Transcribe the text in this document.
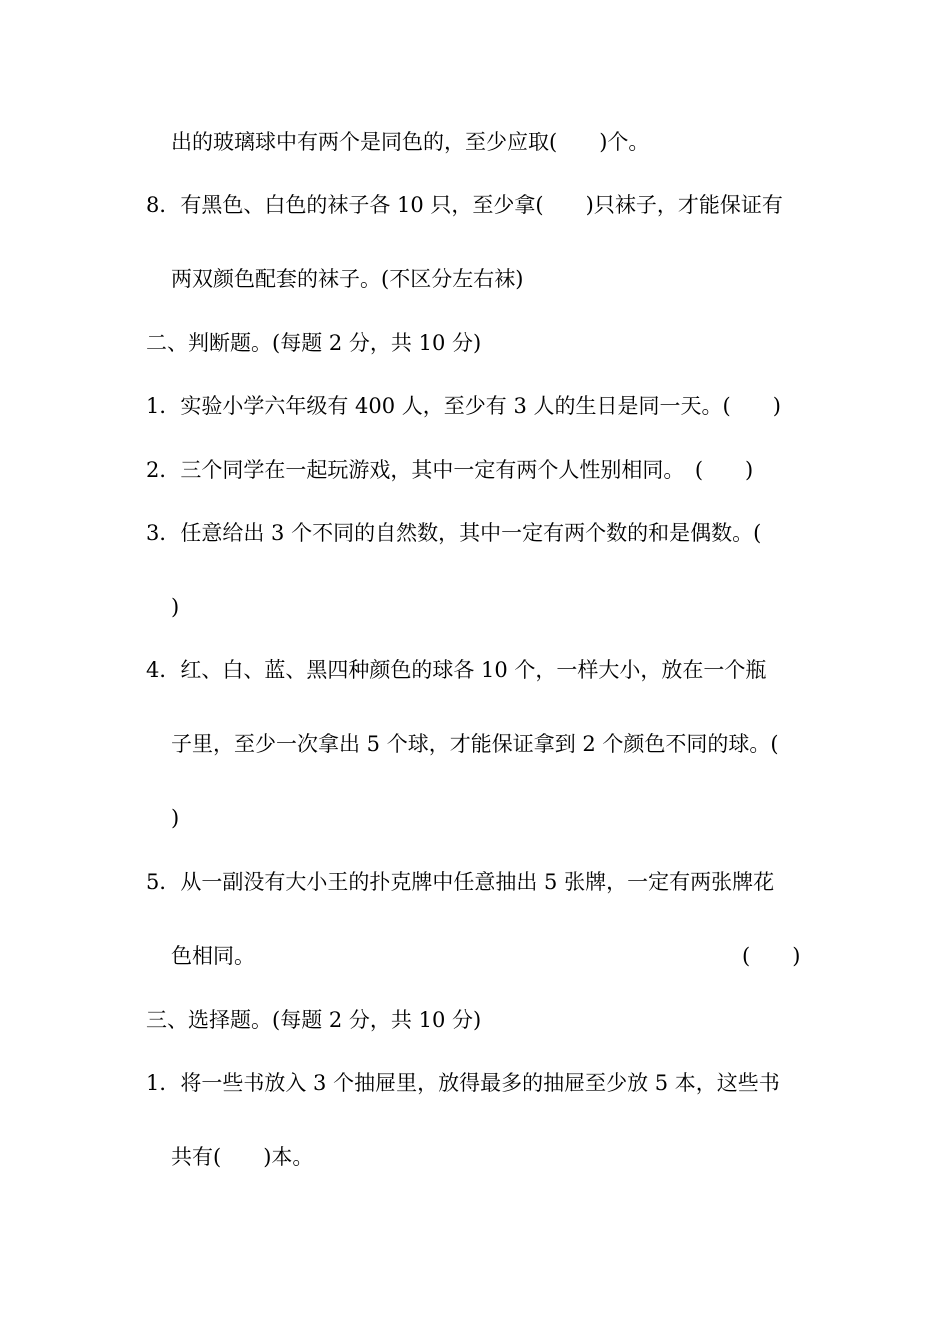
出的玻璃球中有两个是同色的，至少应取(　　)个。
8．有黑色、白色的袜子各 10 只，至少拿(　　)只袜子，才能保证有
两双颜色配套的袜子。(不区分左右袜)
二、判断题。(每题 2 分，共 10 分)
1．实验小学六年级有 400 人，至少有 3 人的生日是同一天。(　　)
2．三个同学在一起玩游戏，其中一定有两个人性别相同。　(　　)
3．任意给出 3 个不同的自然数，其中一定有两个数的和是偶数。(
)
4．红、白、蓝、黑四种颜色的球各 10 个，一样大小，放在一个瓶
子里，至少一次拿出 5 个球，才能保证拿到 2 个颜色不同的球。(
)
5．从一副没有大小王的扑克牌中任意抽出 5 张牌，一定有两张牌花
色相同。	(　　)
三、选择题。(每题 2 分，共 10 分)
1．将一些书放入 3 个抽屉里，放得最多的抽屉至少放 5 本，这些书
共有(　　)本。
